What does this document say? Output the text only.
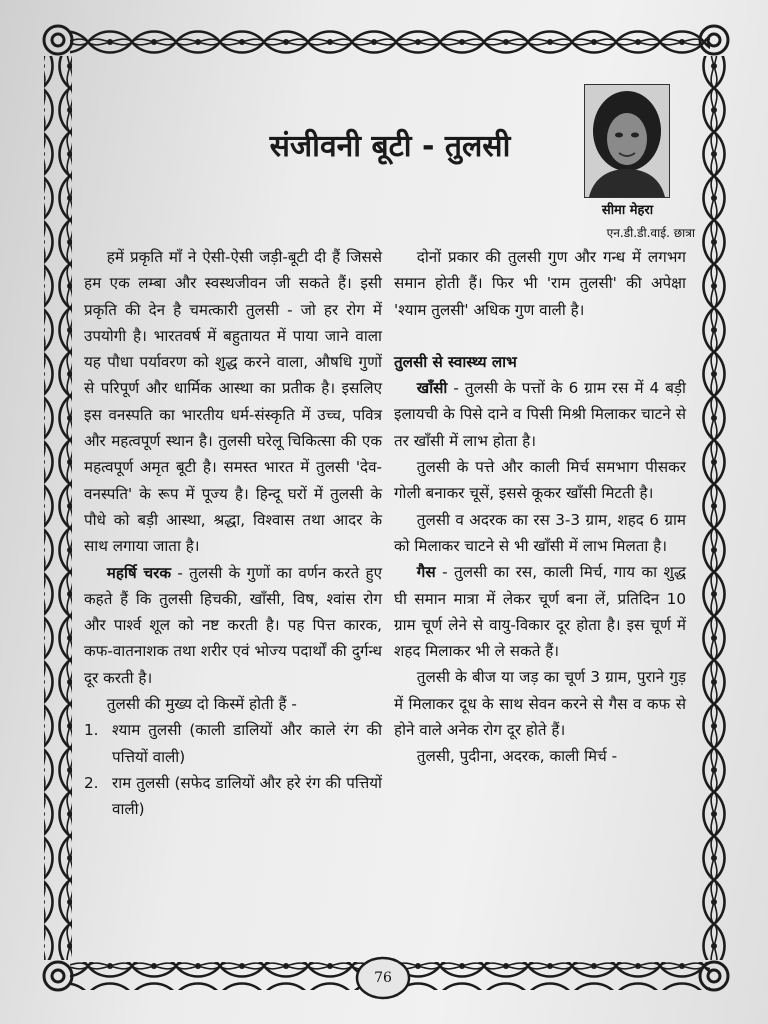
संजीवनी बूटी - तुलसी
सीमा मेहरा
एन.डी.डी.वाई. छात्रा

हमें प्रकृति माँ ने ऐसी-ऐसी जड़ी-बूटी दी हैं जिससे हम एक लम्बा और स्वस्थजीवन जी सकते हैं। इसी प्रकृति की देन है चमत्कारी तुलसी - जो हर रोग में उपयोगी है। भारतवर्ष में बहुतायत में पाया जाने वाला यह पौधा पर्यावरण को शुद्ध करने वाला, औषधि गुणों से परिपूर्ण और धार्मिक आस्था का प्रतीक है। इसलिए इस वनस्पति का भारतीय धर्म-संस्कृति में उच्च, पवित्र और महत्वपूर्ण स्थान है। तुलसी घरेलू चिकित्सा की एक महत्वपूर्ण अमृत बूटी है। समस्त भारत में तुलसी 'देव-वनस्पति' के रूप में पूज्य है। हिन्दू घरों में तुलसी के पौधे को बड़ी आस्था, श्रद्धा, विश्वास तथा आदर के साथ लगाया जाता है।

महर्षि चरक - तुलसी के गुणों का वर्णन करते हुए कहते हैं कि तुलसी हिचकी, खाँसी, विष, श्वांस रोग और पार्श्व शूल को नष्ट करती है। पह पित्त कारक, कफ-वातनाशक तथा शरीर एवं भोज्य पदार्थों की दुर्गन्ध दूर करती है।

तुलसी की मुख्य दो किस्में होती हैं -

1. श्याम तुलसी (काली डालियों और काले रंग की पत्तियों वाली)
2. राम तुलसी (सफेद डालियों और हरे रंग की पत्तियों वाली)

दोनों प्रकार की तुलसी गुण और गन्ध में लगभग समान होती हैं। फिर भी 'राम तुलसी' की अपेक्षा 'श्याम तुलसी' अधिक गुण वाली है।

तुलसी से स्वास्थ्य लाभ

खाँसी - तुलसी के पत्तों के 6 ग्राम रस में 4 बड़ी इलायची के पिसे दाने व पिसी मिश्री मिलाकर चाटने से तर खाँसी में लाभ होता है।

तुलसी के पत्ते और काली मिर्च समभाग पीसकर गोली बनाकर चूसें, इससे कूकर खाँसी मिटती है।

तुलसी व अदरक का रस 3-3 ग्राम, शहद 6 ग्राम को मिलाकर चाटने से भी खाँसी में लाभ मिलता है।

गैस - तुलसी का रस, काली मिर्च, गाय का शुद्ध घी समान मात्रा में लेकर चूर्ण बना लें, प्रतिदिन 10 ग्राम चूर्ण लेने से वायु-विकार दूर होता है। इस चूर्ण में शहद मिलाकर भी ले सकते हैं।

तुलसी के बीज या जड़ का चूर्ण 3 ग्राम, पुराने गुड़ में मिलाकर दूध के साथ सेवन करने से गैस व कफ से होने वाले अनेक रोग दूर होते हैं।

तुलसी, पुदीना, अदरक, काली मिर्च -

76
